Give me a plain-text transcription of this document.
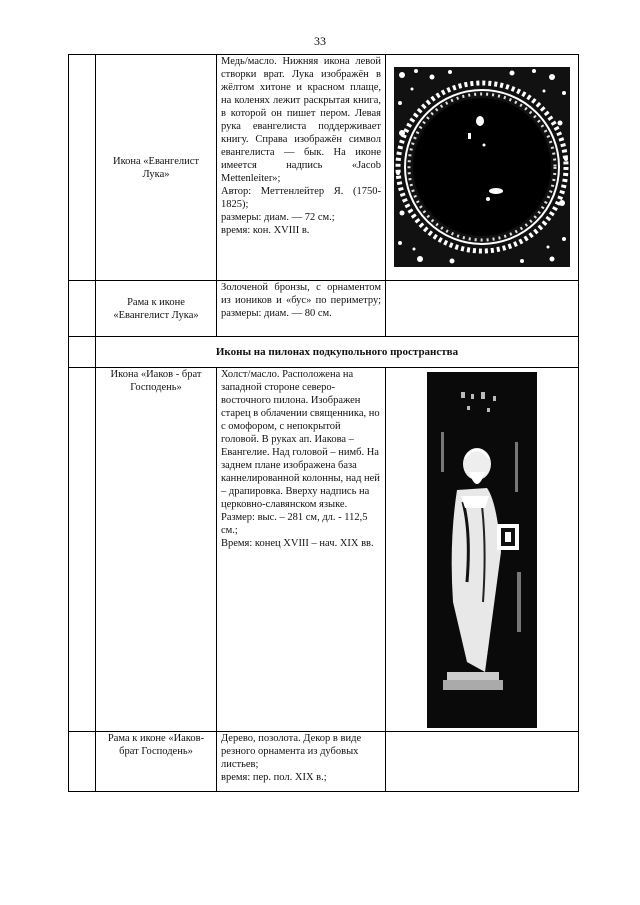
33

	Икона «Евангелист Лука»	Медь/масло. Нижняя икона левой створки врат. Лука изображён в жёлтом хитоне и красном плаще, на коленях лежит раскрытая книга, в которой он пишет пером. Левая рука евангелиста поддерживает книгу. Справа изображён символ евангелиста — бык. На иконе имеется надпись «Jacob Mettenleiter»;
Автор: Меттенлейтер Я. (1750-1825);
размеры: диам. — 72 см.;
время: кон. XVIII в.

	Рама к иконе «Евангелист Лука»	Золоченой бронзы, с орнаментом из иоников и «бус» по периметру; размеры: диам. — 80 см.	

	Иконы на пилонах подкупольного пространства		

	Икона «Иаков - брат Господень»	Холст/масло. Расположена на западной стороне северо-восточного пилона. Изображен старец в облачении священника, но с омофором, с непокрытой головой. В руках ап. Иакова – Евангелие. Над головой – нимб. На заднем плане изображена база каннелированной колонны, над ней – драпировка. Вверху надпись на церковно-славянском языке.
Размер: выс. – 281 см, дл. - 112,5 см.;
Время: конец XVIII – нач. XIX вв.

	Рама к иконе «Иаков-брат Господень»	Дерево, позолота. Декор в виде резного орнамента из дубовых листьев;
время: пер. пол. XIX в.;	
